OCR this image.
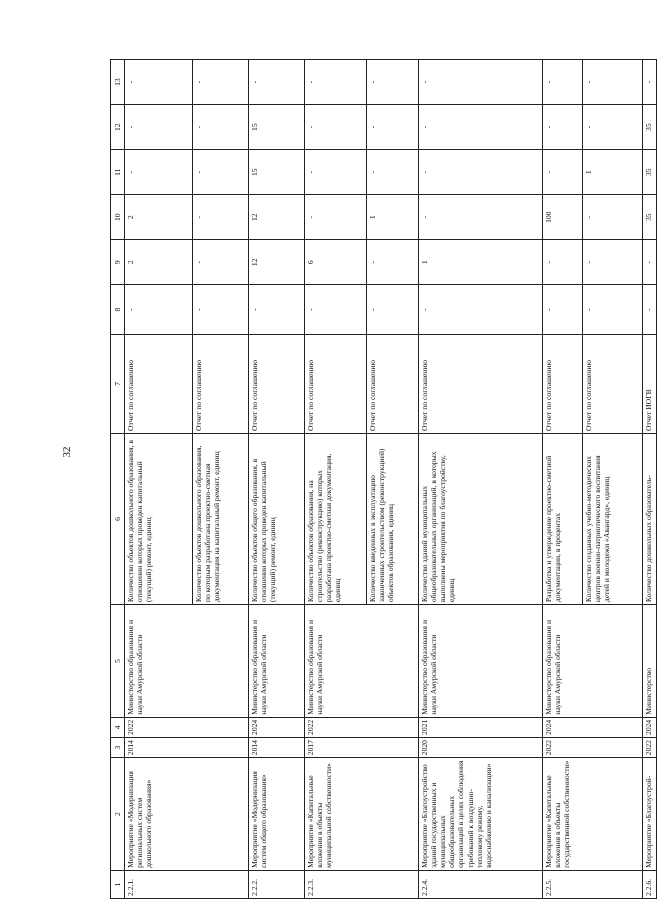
32
1	2	3	4	5	6	7	8	9	10	11	12	13
2.2.1.	Мероприятие «Модернизация региональных систем дошкольного образования»	2014	2022	Министерство образования и науки Амурской области	Количество объектов дошкольного образования, в отношении которых проведен капитальный (текущий) ремонт, единиц	Отчет по соглашению	-	2	2	-	-	-
					Количество объектов дошкольного образования, по которым разработана проектно-сметная документация на капитальный ремонт, единиц	Отчет по соглашению	-	-	-	-	-	-
2.2.2.	Мероприятие «Модернизация систем общего образования»	2014	2024	Министерство образования и науки Амурской области	Количество объектов общего образования, в отношении которых проведен капитальный (текущий) ремонт, единиц	Отчет по соглашению	-	12	12	15	15	-
2.2.3.	Мероприятие «Капитальные вложения в объекты муниципальной собственности»	2017	2022	Министерство образования и науки Амурской области	Количество объектов образования, на строительство (реконструкцию) которых разработана проектно-сметная документация, единиц	Отчет по соглашению	-	6	-	-	-	-
					Количество введенных в эксплуатацию законченных строительством (реконструкцией) объектов образования, единиц	Отчет по соглашению	-	-	1	-	-	-
2.2.4.	Мероприятие «Благоустройство зданий государственных и муниципальных общеобразовательных организаций в целях соблюдения требований к воздушно-тепловому режиму, водоснабжению и канализации»	2020	2021	Министерство образования и науки Амурской области	Количество зданий муниципальных общеобразовательных организаций, в которых выполнены мероприятия по благоустройству, единиц	Отчет по соглашению	-	1	-	-	-	-
2.2.5.	Мероприятие «Капитальные вложения в объекты государственной собственности»	2022	2024	Министерство образования и науки Амурской области	Разработка и утверждение проектно-сметной документации, в процентах	Отчет по соглашению	-	-	100	-	-	-
					Количество созданных учебно-методических центров военно-патриотического воспитания детей и молодежи «Авангард», единиц	Отчет по соглашению	-	-	-	1	-	-
2.2.6.	Мероприятие «Благоустрой-	2022	2024	Министерство	Количество дошкольных образователь-	Отчет ИОГВ	-	-	35	35	35	-
